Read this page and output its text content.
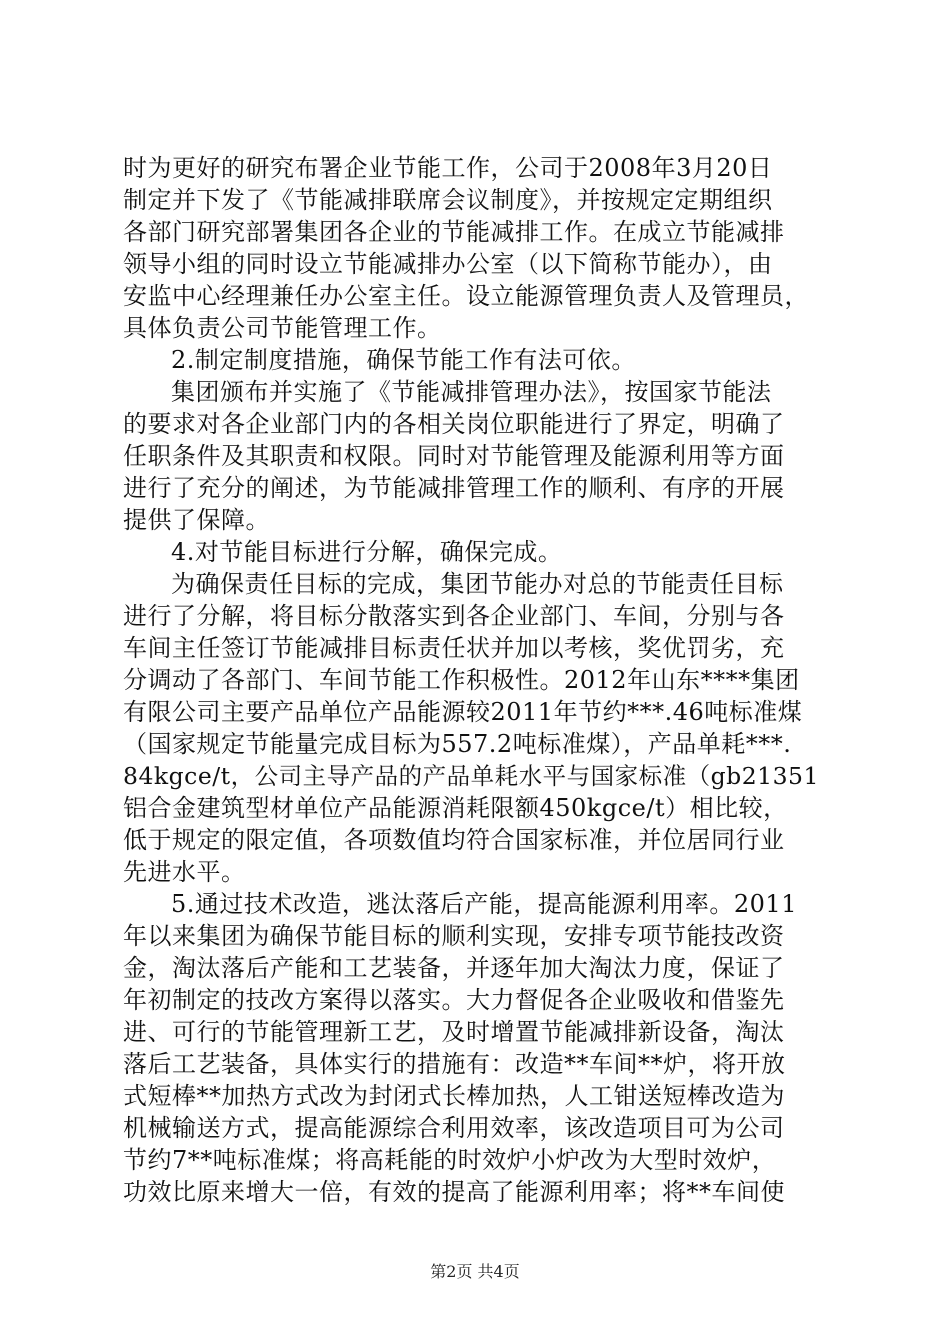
时为更好的研究布署企业节能工作，公司于2008年3月20日
制定并下发了《节能减排联席会议制度》，并按规定定期组织
各部门研究部署集团各企业的节能减排工作。在成立节能减排
领导小组的同时设立节能减排办公室（以下简称节能办），由
安监中心经理兼任办公室主任。设立能源管理负责人及管理员，
具体负责公司节能管理工作。
2.制定制度措施，确保节能工作有法可依。
集团颁布并实施了《节能减排管理办法》，按国家节能法
的要求对各企业部门内的各相关岗位职能进行了界定，明确了
任职条件及其职责和权限。同时对节能管理及能源利用等方面
进行了充分的阐述，为节能减排管理工作的顺利、有序的开展
提供了保障。
4.对节能目标进行分解，确保完成。
为确保责任目标的完成，集团节能办对总的节能责任目标
进行了分解，将目标分散落实到各企业部门、车间，分别与各
车间主任签订节能减排目标责任状并加以考核，奖优罚劣，充
分调动了各部门、车间节能工作积极性。2012年山东****集团
有限公司主要产品单位产品能源较2011年节约***.46吨标准煤
（国家规定节能量完成目标为557.2吨标准煤），产品单耗***.
84kgce/t，公司主导产品的产品单耗水平与国家标准（gb21351
铝合金建筑型材单位产品能源消耗限额450kgce/t）相比较，
低于规定的限定值，各项数值均符合国家标准，并位居同行业
先进水平。
5.通过技术改造，逃汰落后产能，提高能源利用率。2011
年以来集团为确保节能目标的顺利实现，安排专项节能技改资
金，淘汰落后产能和工艺装备，并逐年加大淘汰力度，保证了
年初制定的技改方案得以落实。大力督促各企业吸收和借鉴先
进、可行的节能管理新工艺，及时增置节能减排新设备，淘汰
落后工艺装备，具体实行的措施有：改造**车间**炉，将开放
式短棒**加热方式改为封闭式长棒加热，人工钳送短棒改造为
机械输送方式，提高能源综合利用效率，该改造项目可为公司
节约7**吨标准煤；将高耗能的时效炉小炉改为大型时效炉，
功效比原来增大一倍，有效的提高了能源利用率；将**车间使
第2页 共4页
